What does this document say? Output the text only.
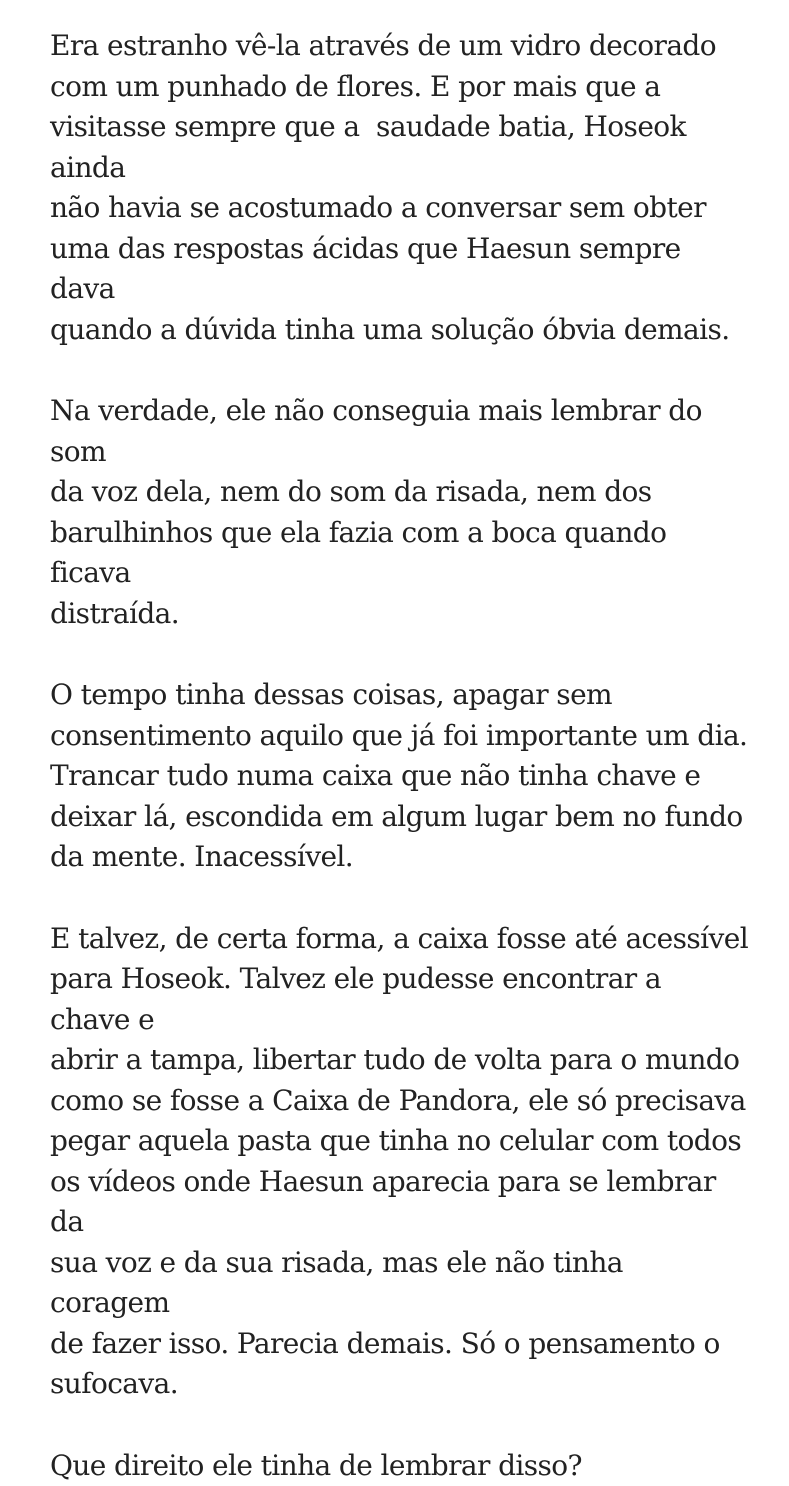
Era estranho vê-la através de um vidro decorado
com um punhado de flores. E por mais que a
visitasse sempre que a  saudade batia, Hoseok ainda
não havia se acostumado a conversar sem obter
uma das respostas ácidas que Haesun sempre dava
quando a dúvida tinha uma solução óbvia demais.

Na verdade, ele não conseguia mais lembrar do som
da voz dela, nem do som da risada, nem dos
barulhinhos que ela fazia com a boca quando ficava
distraída.

O tempo tinha dessas coisas, apagar sem
consentimento aquilo que já foi importante um dia.
Trancar tudo numa caixa que não tinha chave e
deixar lá, escondida em algum lugar bem no fundo
da mente. Inacessível.

E talvez, de certa forma, a caixa fosse até acessível
para Hoseok. Talvez ele pudesse encontrar a chave e
abrir a tampa, libertar tudo de volta para o mundo
como se fosse a Caixa de Pandora, ele só precisava
pegar aquela pasta que tinha no celular com todos
os vídeos onde Haesun aparecia para se lembrar da
sua voz e da sua risada, mas ele não tinha coragem
de fazer isso. Parecia demais. Só o pensamento o
sufocava.

Que direito ele tinha de lembrar disso?
